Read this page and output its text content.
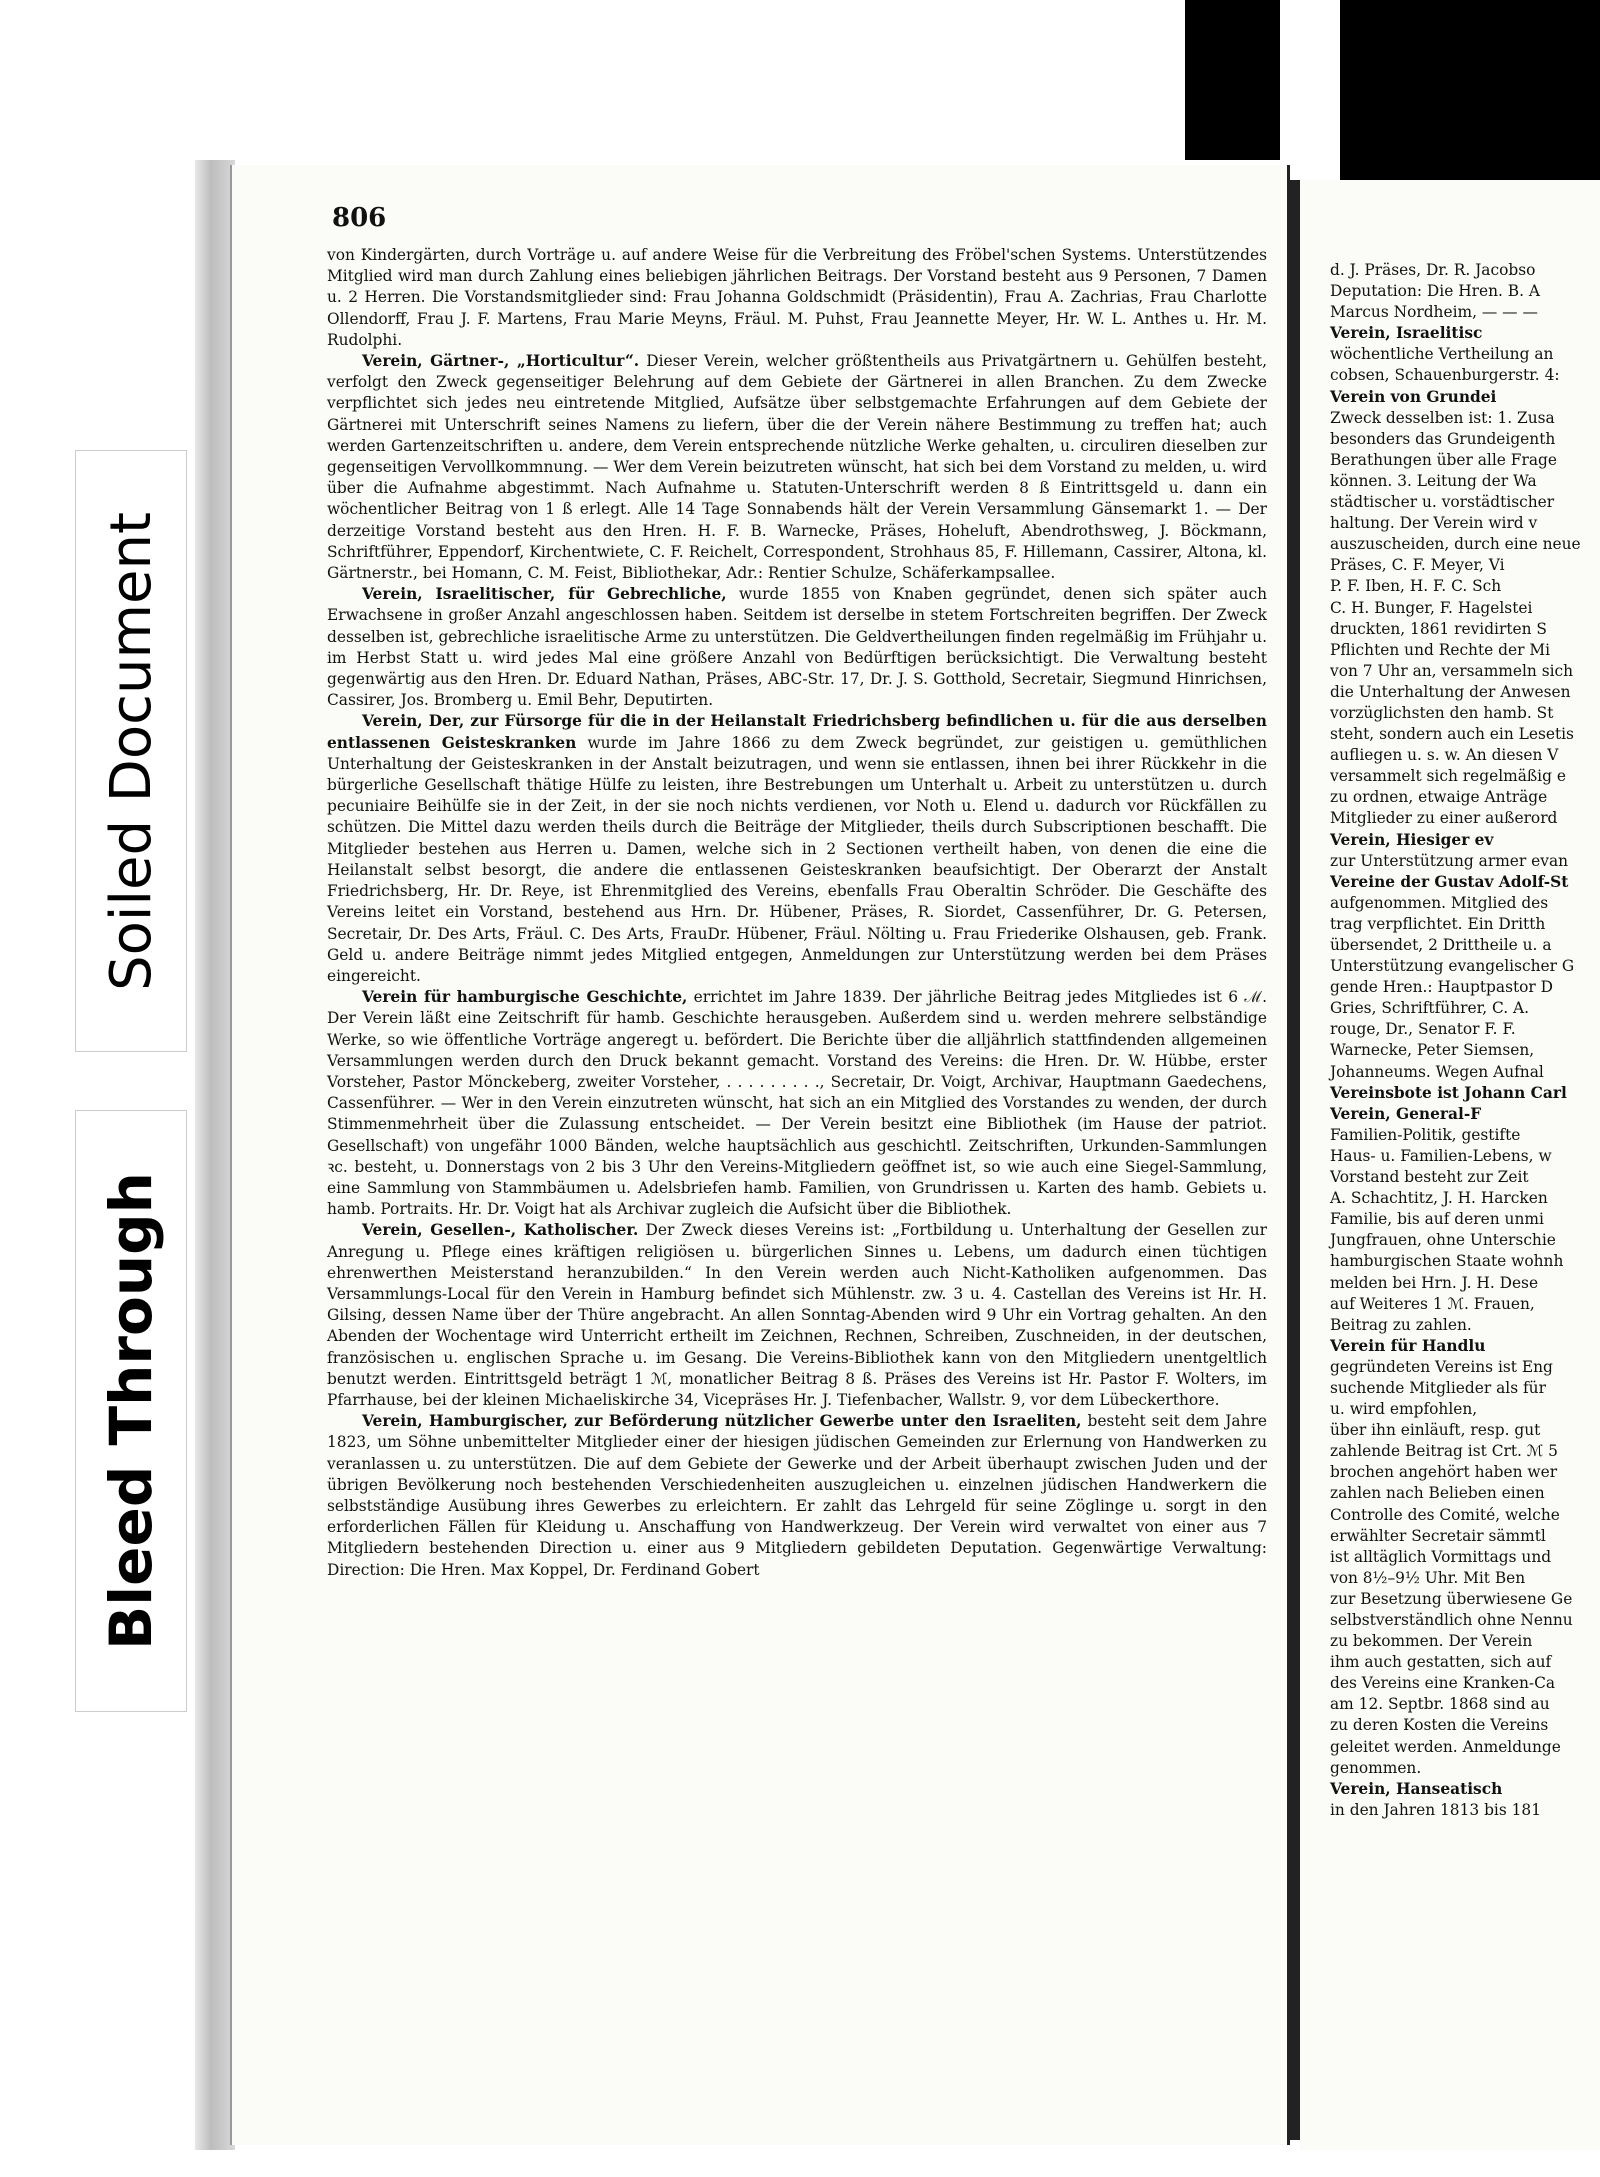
Soiled Document
Bleed Through
806

von Kindergärten, durch Vorträge u. auf andere Weise für die Verbreitung des Fröbel'schen Systems. Unterstützendes Mitglied wird man durch Zahlung eines beliebigen jährlichen Beitrags. Der Vorstand besteht aus 9 Personen, 7 Damen u. 2 Herren. Die Vorstandsmitglieder sind: Frau Johanna Goldschmidt (Präsidentin), Frau A. Zachrias, Frau Charlotte Ollendorff, Frau J. F. Martens, Frau Marie Meyns, Fräul. M. Puhst, Frau Jeannette Meyer, Hr. W. L. Anthes u. Hr. M. Rudolphi.

Verein, Gärtner-, „Horticultur“. Dieser Verein, welcher größtentheils aus Privatgärtnern u. Gehülfen besteht, verfolgt den Zweck gegenseitiger Belehrung auf dem Gebiete der Gärtnerei in allen Branchen. Zu dem Zwecke verpflichtet sich jedes neu eintretende Mitglied, Aufsätze über selbstgemachte Erfahrungen auf dem Gebiete der Gärtnerei mit Unterschrift seines Namens zu liefern, über die der Verein nähere Bestimmung zu treffen hat; auch werden Gartenzeitschriften u. andere, dem Verein entsprechende nützliche Werke gehalten, u. circuliren dieselben zur gegenseitigen Vervollkommnung. — Wer dem Verein beizutreten wünscht, hat sich bei dem Vorstand zu melden, u. wird über die Aufnahme abgestimmt. Nach Aufnahme u. Statuten-Unterschrift werden 8 ß Eintrittsgeld u. dann ein wöchentlicher Beitrag von 1 ß erlegt. Alle 14 Tage Sonnabends hält der Verein Versammlung Gänsemarkt 1. — Der derzeitige Vorstand besteht aus den Hren. H. F. B. Warnecke, Präses, Hoheluft, Abendrothsweg, J. Böckmann, Schriftführer, Eppendorf, Kirchentwiete, C. F. Reichelt, Correspondent, Strohhaus 85, F. Hillemann, Cassirer, Altona, kl. Gärtnerstr., bei Homann, C. M. Feist, Bibliothekar, Adr.: Rentier Schulze, Schäferkampsallee.

Verein, Israelitischer, für Gebrechliche, wurde 1855 von Knaben gegründet, denen sich später auch Erwachsene in großer Anzahl angeschlossen haben. Seitdem ist derselbe in stetem Fortschreiten begriffen. Der Zweck desselben ist, gebrechliche israelitische Arme zu unterstützen. Die Geldvertheilungen finden regelmäßig im Frühjahr u. im Herbst Statt u. wird jedes Mal eine größere Anzahl von Bedürftigen berücksichtigt. Die Verwaltung besteht gegenwärtig aus den Hren. Dr. Eduard Nathan, Präses, ABC-Str. 17, Dr. J. S. Gotthold, Secretair, Siegmund Hinrichsen, Cassirer, Jos. Bromberg u. Emil Behr, Deputirten.

Verein, Der, zur Fürsorge für die in der Heilanstalt Friedrichsberg befindlichen u. für die aus derselben entlassenen Geisteskranken wurde im Jahre 1866 zu dem Zweck begründet, zur geistigen u. gemüthlichen Unterhaltung der Geisteskranken in der Anstalt beizutragen, und wenn sie entlassen, ihnen bei ihrer Rückkehr in die bürgerliche Gesellschaft thätige Hülfe zu leisten, ihre Bestrebungen um Unterhalt u. Arbeit zu unterstützen u. durch pecuniaire Beihülfe sie in der Zeit, in der sie noch nichts verdienen, vor Noth u. Elend u. dadurch vor Rückfällen zu schützen. Die Mittel dazu werden theils durch die Beiträge der Mitglieder, theils durch Subscriptionen beschafft. Die Mitglieder bestehen aus Herren u. Damen, welche sich in 2 Sectionen vertheilt haben, von denen die eine die Heilanstalt selbst besorgt, die andere die entlassenen Geisteskranken beaufsichtigt. Der Oberarzt der Anstalt Friedrichsberg, Hr. Dr. Reye, ist Ehrenmitglied des Vereins, ebenfalls Frau Oberaltin Schröder. Die Geschäfte des Vereins leitet ein Vorstand, bestehend aus Hrn. Dr. Hübener, Präses, R. Siordet, Cassenführer, Dr. G. Petersen, Secretair, Dr. Des Arts, Fräul. C. Des Arts, FrauDr. Hübener, Fräul. Nölting u. Frau Friederike Olshausen, geb. Frank. Geld u. andere Beiträge nimmt jedes Mitglied entgegen, Anmeldungen zur Unterstützung werden bei dem Präses eingereicht.

Verein für hamburgische Geschichte, errichtet im Jahre 1839. Der jährliche Beitrag jedes Mitgliedes ist 6 ℳ. Der Verein läßt eine Zeitschrift für hamb. Geschichte herausgeben. Außerdem sind u. werden mehrere selbständige Werke, so wie öffentliche Vorträge angeregt u. befördert. Die Berichte über die alljährlich stattfindenden allgemeinen Versammlungen werden durch den Druck bekannt gemacht. Vorstand des Vereins: die Hren. Dr. W. Hübbe, erster Vorsteher, Pastor Mönckeberg, zweiter Vorsteher, . . . . . . . . ., Secretair, Dr. Voigt, Archivar, Hauptmann Gaedechens, Cassenführer. — Wer in den Verein einzutreten wünscht, hat sich an ein Mitglied des Vorstandes zu wenden, der durch Stimmenmehrheit über die Zulassung entscheidet. — Der Verein besitzt eine Bibliothek (im Hause der patriot. Gesellschaft) von ungefähr 1000 Bänden, welche hauptsächlich aus geschichtl. Zeitschriften, Urkunden-Sammlungen ꝛc. besteht, u. Donnerstags von 2 bis 3 Uhr den Vereins-Mitgliedern geöffnet ist, so wie auch eine Siegel-Sammlung, eine Sammlung von Stammbäumen u. Adelsbriefen hamb. Familien, von Grundrissen u. Karten des hamb. Gebiets u. hamb. Portraits. Hr. Dr. Voigt hat als Archivar zugleich die Aufsicht über die Bibliothek.

Verein, Gesellen-, Katholischer. Der Zweck dieses Vereins ist: „Fortbildung u. Unterhaltung der Gesellen zur Anregung u. Pflege eines kräftigen religiösen u. bürgerlichen Sinnes u. Lebens, um dadurch einen tüchtigen ehrenwerthen Meisterstand heranzubilden.“ In den Verein werden auch Nicht-Katholiken aufgenommen. Das Versammlungs-Local für den Verein in Hamburg befindet sich Mühlenstr. zw. 3 u. 4. Castellan des Vereins ist Hr. H. Gilsing, dessen Name über der Thüre angebracht. An allen Sonntag-Abenden wird 9 Uhr ein Vortrag gehalten. An den Abenden der Wochentage wird Unterricht ertheilt im Zeichnen, Rechnen, Schreiben, Zuschneiden, in der deutschen, französischen u. englischen Sprache u. im Gesang. Die Vereins-Bibliothek kann von den Mitgliedern unentgeltlich benutzt werden. Eintrittsgeld beträgt 1 ℳ, monatlicher Beitrag 8 ß. Präses des Vereins ist Hr. Pastor F. Wolters, im Pfarrhause, bei der kleinen Michaeliskirche 34, Vicepräses Hr. J. Tiefenbacher, Wallstr. 9, vor dem Lübeckerthore.

Verein, Hamburgischer, zur Beförderung nützlicher Gewerbe unter den Israeliten, besteht seit dem Jahre 1823, um Söhne unbemittelter Mitglieder einer der hiesigen jüdischen Gemeinden zur Erlernung von Handwerken zu veranlassen u. zu unterstützen. Die auf dem Gebiete der Gewerke und der Arbeit überhaupt zwischen Juden und der übrigen Bevölkerung noch bestehenden Verschiedenheiten auszugleichen u. einzelnen jüdischen Handwerkern die selbstständige Ausübung ihres Gewerbes zu erleichtern. Er zahlt das Lehrgeld für seine Zöglinge u. sorgt in den erforderlichen Fällen für Kleidung u. Anschaffung von Handwerkzeug. Der Verein wird verwaltet von einer aus 7 Mitgliedern bestehenden Direction u. einer aus 9 Mitgliedern gebildeten Deputation. Gegenwärtige Verwaltung: Direction: Die Hren. Max Koppel, Dr. Ferdinand Gobert

d. J. Präses, Dr. R. Jacobso
Deputation: Die Hren. B. A
Marcus Nordheim, — — —
Verein, Israelitisc
wöchentliche Vertheilung an
cobsen, Schauenburgerstr. 4:
Verein von Grundei
Zweck desselben ist: 1. Zusa
besonders das Grundeigenth
Berathungen über alle Frage
können. 3. Leitung der Wa
städtischer u. vorstädtischer
haltung. Der Verein wird v
auszuscheiden, durch eine neue
Präses, C. F. Meyer, Vi
P. F. Iben, H. F. C. Sch
C. H. Bunger, F. Hagelstei
druckten, 1861 revidirten S
Pflichten und Rechte der Mi
von 7 Uhr an, versammeln sich
die Unterhaltung der Anwesen
vorzüglichsten den hamb. St
steht, sondern auch ein Lesetis
aufliegen u. s. w. An diesen V
versammelt sich regelmäßig e
zu ordnen, etwaige Anträge
Mitglieder zu einer außerord
Verein, Hiesiger ev
zur Unterstützung armer evan
Vereine der Gustav Adolf-St
aufgenommen. Mitglied des
trag verpflichtet. Ein Dritth
übersendet, 2 Drittheile u. a
Unterstützung evangelischer G
gende Hren.: Hauptpastor D
Gries, Schriftführer, C. A.
rouge, Dr., Senator F. F.
Warnecke, Peter Siemsen,
Johanneums. Wegen Aufnal
Vereinsbote ist Johann Carl
Verein, General-F
Familien-Politik, gestifte
Haus- u. Familien-Lebens, w
Vorstand besteht zur Zeit
A. Schachtitz, J. H. Harcken
Familie, bis auf deren unmi
Jungfrauen, ohne Unterschie
hamburgischen Staate wohnh
melden bei Hrn. J. H. Dese
auf Weiteres 1 ℳ. Frauen,
Beitrag zu zahlen.
Verein für Handlu
gegründeten Vereins ist Eng
suchende Mitglieder als für
u. wird empfohlen,
über ihn einläuft, resp. gut
zahlende Beitrag ist Crt. ℳ 5
brochen angehört haben wer
zahlen nach Belieben einen
Controlle des Comité, welche
erwählter Secretair sämmtl
ist alltäglich Vormittags und
von 8½–9½ Uhr. Mit Ben
zur Besetzung überwiesene Ge
selbstverständlich ohne Nennu
zu bekommen. Der Verein
ihm auch gestatten, sich auf
des Vereins eine Kranken-Ca
am 12. Septbr. 1868 sind au
zu deren Kosten die Vereins
geleitet werden. Anmeldunge
genommen.
Verein, Hanseatisch
in den Jahren 1813 bis 181
